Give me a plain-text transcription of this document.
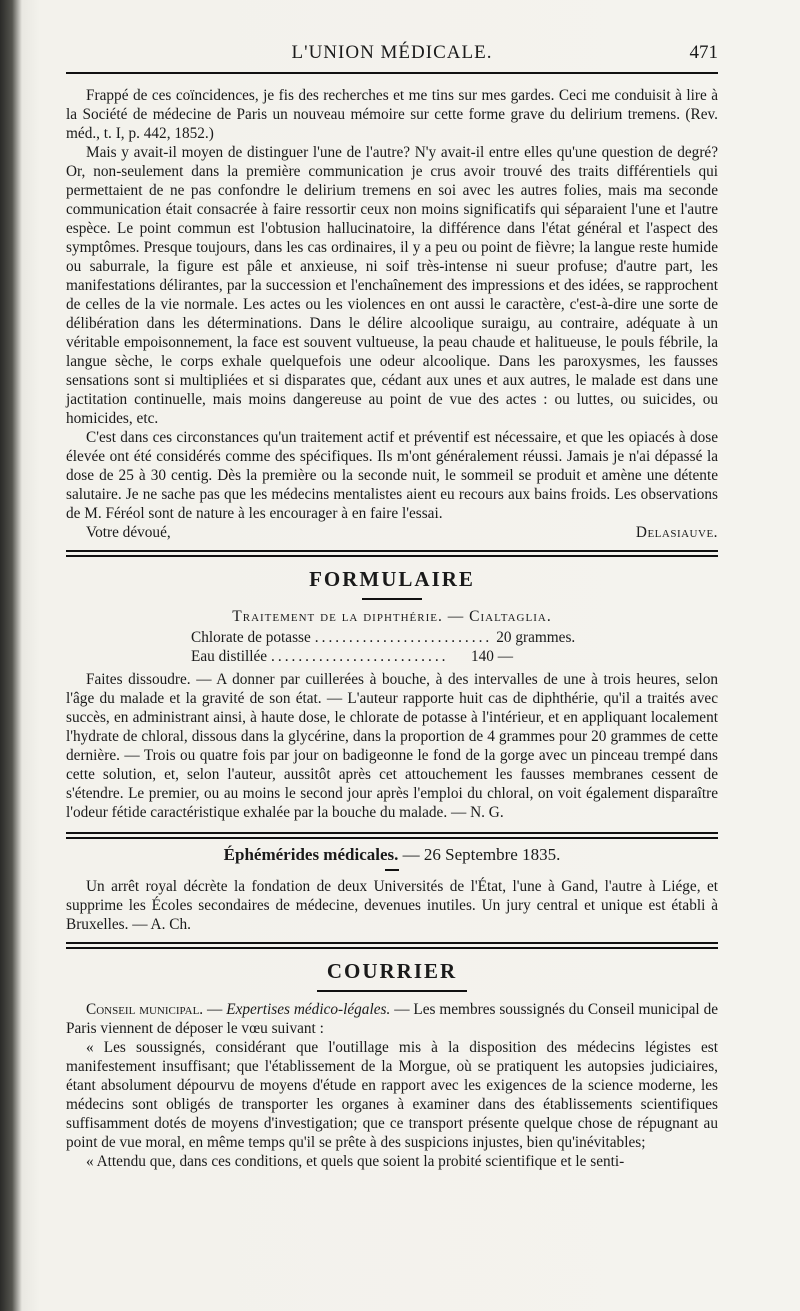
L'UNION MÉDICALE.	471

Frappé de ces coïncidences, je fis des recherches et me tins sur mes gardes. Ceci me conduisit à lire à la Société de médecine de Paris un nouveau mémoire sur cette forme grave du delirium tremens. (Rev. méd., t. I, p. 442, 1852.)

Mais y avait-il moyen de distinguer l'une de l'autre? N'y avait-il entre elles qu'une question de degré? Or, non-seulement dans la première communication je crus avoir trouvé des traits différentiels qui permettaient de ne pas confondre le delirium tremens en soi avec les autres folies, mais ma seconde communication était consacrée à faire ressortir ceux non moins significatifs qui séparaient l'une et l'autre espèce. Le point commun est l'obtusion hallucinatoire, la différence dans l'état général et l'aspect des symptômes. Presque toujours, dans les cas ordinaires, il y a peu ou point de fièvre; la langue reste humide ou saburrale, la figure est pâle et anxieuse, ni soif très-intense ni sueur profuse; d'autre part, les manifestations délirantes, par la succession et l'enchaînement des impressions et des idées, se rapprochent de celles de la vie normale. Les actes ou les violences en ont aussi le caractère, c'est-à-dire une sorte de délibération dans les déterminations. Dans le délire alcoolique suraigu, au contraire, adéquate à un véritable empoisonnement, la face est souvent vultueuse, la peau chaude et halitueuse, le pouls fébrile, la langue sèche, le corps exhale quelquefois une odeur alcoolique. Dans les paroxysmes, les fausses sensations sont si multipliées et si disparates que, cédant aux unes et aux autres, le malade est dans une jactitation continuelle, mais moins dangereuse au point de vue des actes : ou luttes, ou suicides, ou homicides, etc.

C'est dans ces circonstances qu'un traitement actif et préventif est nécessaire, et que les opiacés à dose élevée ont été considérés comme des spécifiques. Ils m'ont généralement réussi. Jamais je n'ai dépassé la dose de 25 à 30 centig. Dès la première ou la seconde nuit, le sommeil se produit et amène une détente salutaire. Je ne sache pas que les médecins mentalistes aient eu recours aux bains froids. Les observations de M. Féréol sont de nature à les encourager à en faire l'essai.

Votre dévoué,	Delasiauve.
FORMULAIRE
Traitement de la diphthérie. — Cialtaglia.
Chlorate de potasse .......................... 20 grammes.
Eau distillée ..........................	140 —

Faites dissoudre. — A donner par cuillerées à bouche, à des intervalles de une à trois heures, selon l'âge du malade et la gravité de son état. — L'auteur rapporte huit cas de diphthérie, qu'il a traités avec succès, en administrant ainsi, à haute dose, le chlorate de potasse à l'intérieur, et en appliquant localement l'hydrate de chloral, dissous dans la glycérine, dans la proportion de 4 grammes pour 20 grammes de cette dernière. — Trois ou quatre fois par jour on badigeonne le fond de la gorge avec un pinceau trempé dans cette solution, et, selon l'auteur, aussitôt après cet attouchement les fausses membranes cessent de s'étendre. Le premier, ou au moins le second jour après l'emploi du chloral, on voit également disparaître l'odeur fétide caractéristique exhalée par la bouche du malade. — N. G.

Éphémérides médicales. — 26 Septembre 1835.

Un arrêt royal décrète la fondation de deux Universités de l'État, l'une à Gand, l'autre à Liége, et supprime les Écoles secondaires de médecine, devenues inutiles. Un jury central et unique est établi à Bruxelles. — A. Ch.

COURRIER

Conseil municipal. — Expertises médico-légales. — Les membres soussignés du Conseil municipal de Paris viennent de déposer le vœu suivant :

« Les soussignés, considérant que l'outillage mis à la disposition des médecins légistes est manifestement insuffisant; que l'établissement de la Morgue, où se pratiquent les autopsies judiciaires, étant absolument dépourvu de moyens d'étude en rapport avec les exigences de la science moderne, les médecins sont obligés de transporter les organes à examiner dans des établissements scientifiques suffisamment dotés de moyens d'investigation; que ce transport présente quelque chose de répugnant au point de vue moral, en même temps qu'il se prête à des suspicions injustes, bien qu'inévitables;

« Attendu que, dans ces conditions, et quels que soient la probité scientifique et le senti-
